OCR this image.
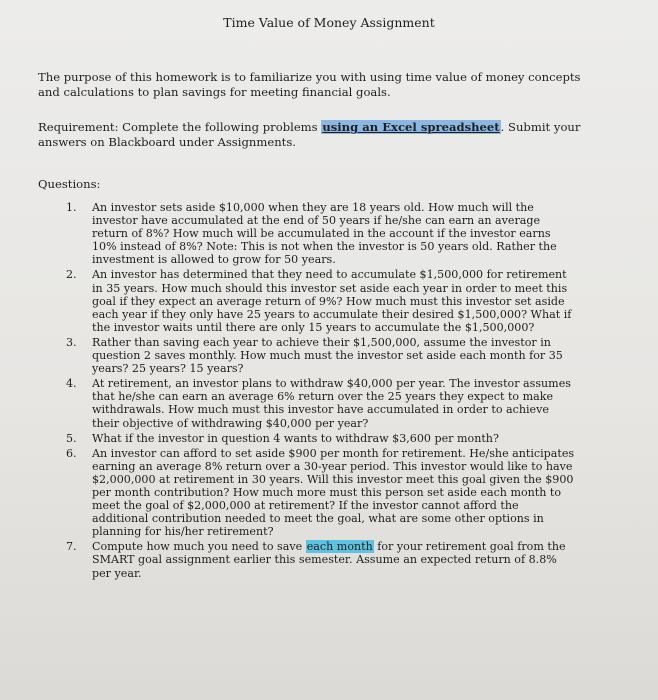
Time Value of Money Assignment
The purpose of this homework is to familiarize you with using time value of money concepts and calculations to plan savings for meeting financial goals.
Requirement: Complete the following problems using an Excel spreadsheet. Submit your answers on Blackboard under Assignments.
Questions:
1. An investor sets aside $10,000 when they are 18 years old. How much will the investor have accumulated at the end of 50 years if he/she can earn an average return of 8%? How much will be accumulated in the account if the investor earns 10% instead of 8%? Note: This is not when the investor is 50 years old. Rather the investment is allowed to grow for 50 years.
2. An investor has determined that they need to accumulate $1,500,000 for retirement in 35 years. How much should this investor set aside each year in order to meet this goal if they expect an average return of 9%? How much must this investor set aside each year if they only have 25 years to accumulate their desired $1,500,000? What if the investor waits until there are only 15 years to accumulate the $1,500,000?
3. Rather than saving each year to achieve their $1,500,000, assume the investor in question 2 saves monthly. How much must the investor set aside each month for 35 years? 25 years? 15 years?
4. At retirement, an investor plans to withdraw $40,000 per year. The investor assumes that he/she can earn an average 6% return over the 25 years they expect to make withdrawals. How much must this investor have accumulated in order to achieve their objective of withdrawing $40,000 per year?
5. What if the investor in question 4 wants to withdraw $3,600 per month?
6. An investor can afford to set aside $900 per month for retirement. He/she anticipates earning an average 8% return over a 30-year period. This investor would like to have $2,000,000 at retirement in 30 years. Will this investor meet this goal given the $900 per month contribution? How much more must this person set aside each month to meet the goal of $2,000,000 at retirement? If the investor cannot afford the additional contribution needed to meet the goal, what are some other options in planning for his/her retirement?
7. Compute how much you need to save each month for your retirement goal from the SMART goal assignment earlier this semester. Assume an expected return of 8.8% per year.
